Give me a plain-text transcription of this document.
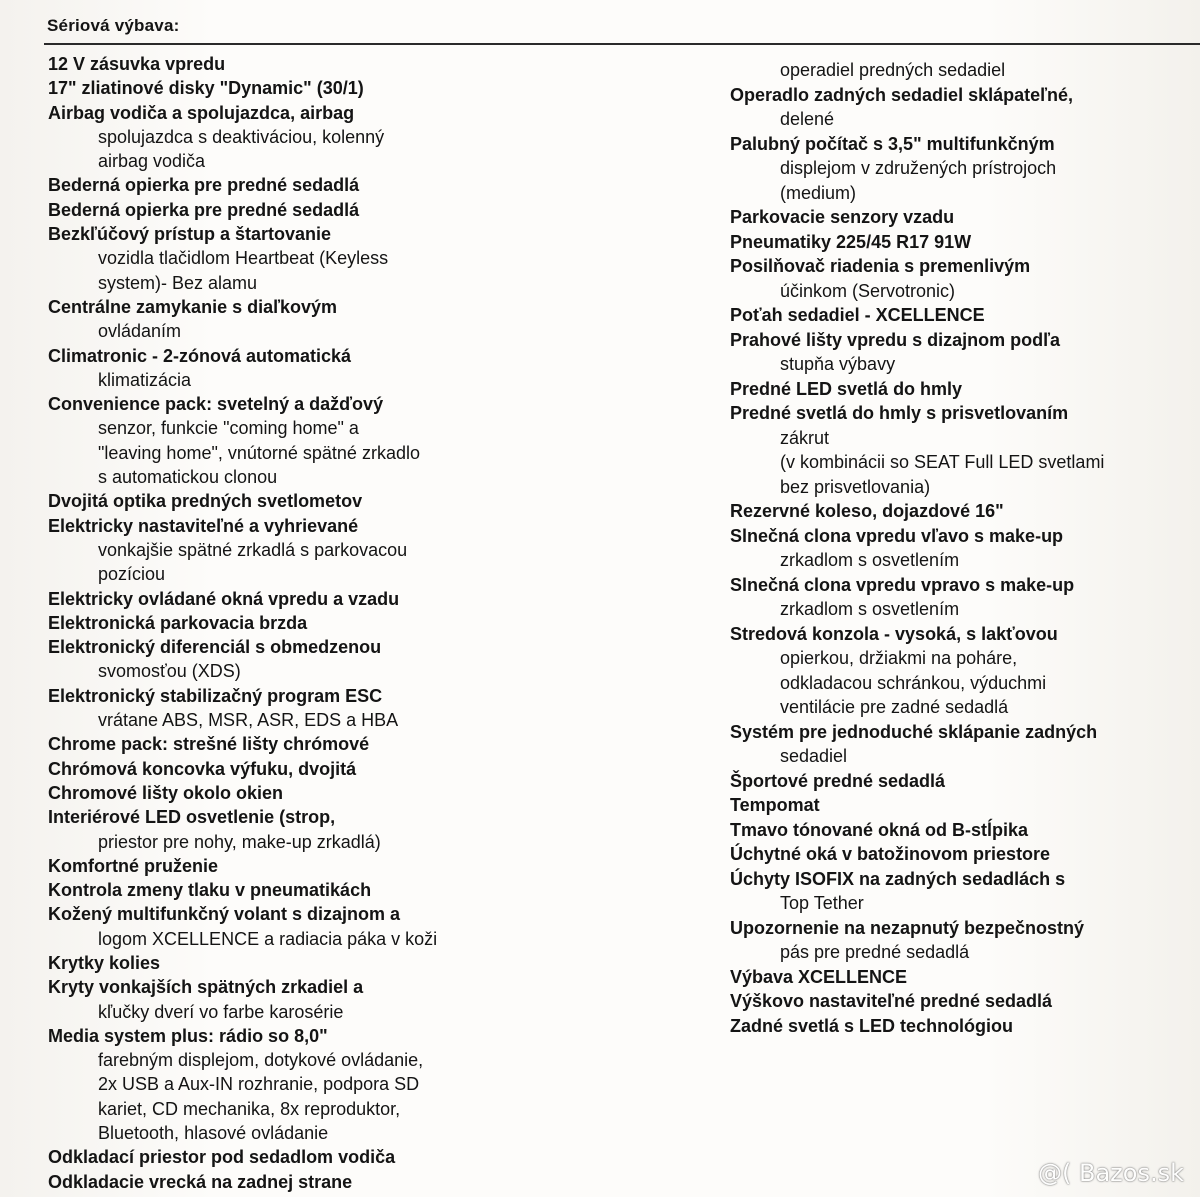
Sériová výbava:
12 V zásuvka vpredu
17" zliatinové disky "Dynamic" (30/1)
Airbag vodiča a spolujazdca, airbag
spolujazdca s deaktiváciou, kolenný
airbag vodiča
Bederná opierka pre predné sedadlá
Bederná opierka pre predné sedadlá
Bezkľúčový prístup a štartovanie
vozidla tlačidlom Heartbeat (Keyless
system)- Bez alamu
Centrálne zamykanie s diaľkovým
ovládaním
Climatronic - 2-zónová automatická
klimatizácia
Convenience pack: svetelný a dažďový
senzor, funkcie "coming home" a
"leaving home", vnútorné spätné zrkadlo
s automatickou clonou
Dvojitá optika predných svetlometov
Elektricky nastaviteľné a vyhrievané
vonkajšie spätné zrkadlá s parkovacou
pozíciou
Elektricky ovládané okná vpredu a vzadu
Elektronická parkovacia brzda
Elektronický diferenciál s obmedzenou
svomosťou (XDS)
Elektronický stabilizačný program ESC
vrátane ABS, MSR, ASR, EDS a HBA
Chrome pack: strešné lišty chrómové
Chrómová koncovka výfuku, dvojitá
Chromové lišty okolo okien
Interiérové LED osvetlenie (strop,
priestor pre nohy, make-up zrkadlá)
Komfortné pruženie
Kontrola zmeny tlaku v pneumatikách
Kožený multifunkčný volant s dizajnom a
logom XCELLENCE a radiacia páka v koži
Krytky kolies
Kryty vonkajších spätných zrkadiel a
kľučky dverí vo farbe karosérie
Media system plus: rádio so 8,0"
farebným displejom, dotykové ovládanie,
2x USB a Aux-IN rozhranie, podpora SD
kariet, CD mechanika, 8x reproduktor,
Bluetooth, hlasové ovládanie
Odkladací priestor pod sedadlom vodiča
Odkladacie vrecká na zadnej strane
operadiel predných sedadiel
Operadlo zadných sedadiel sklápateľné,
delené
Palubný počítač s 3,5" multifunkčným
displejom v združených prístrojoch
(medium)
Parkovacie senzory vzadu
Pneumatiky 225/45 R17 91W
Posilňovač riadenia s premenlivým
účinkom (Servotronic)
Poťah sedadiel - XCELLENCE
Prahové lišty vpredu s dizajnom podľa
stupňa výbavy
Predné LED svetlá do hmly
Predné svetlá do hmly s prisvetlovaním
zákrut
(v kombinácii so SEAT Full LED svetlami
bez prisvetlovania)
Rezervné koleso, dojazdové 16"
Slnečná clona vpredu vľavo s make-up
zrkadlom s osvetlením
Slnečná clona vpredu vpravo s make-up
zrkadlom s osvetlením
Stredová konzola - vysoká, s lakťovou
opierkou, držiakmi na poháre,
odkladacou schránkou, výduchmi
ventilácie pre zadné sedadlá
Systém pre jednoduché sklápanie zadných
sedadiel
Športové predné sedadlá
Tempomat
Tmavo tónované okná od B-stĺpika
Úchytné oká v batožinovom priestore
Úchyty ISOFIX na zadných sedadlách s
Top Tether
Upozornenie na nezapnutý bezpečnostný
pás pre predné sedadlá
Výbava XCELLENCE
Výškovo nastaviteľné predné sedadlá
Zadné svetlá s LED technológiou
@( Bazos.sk
